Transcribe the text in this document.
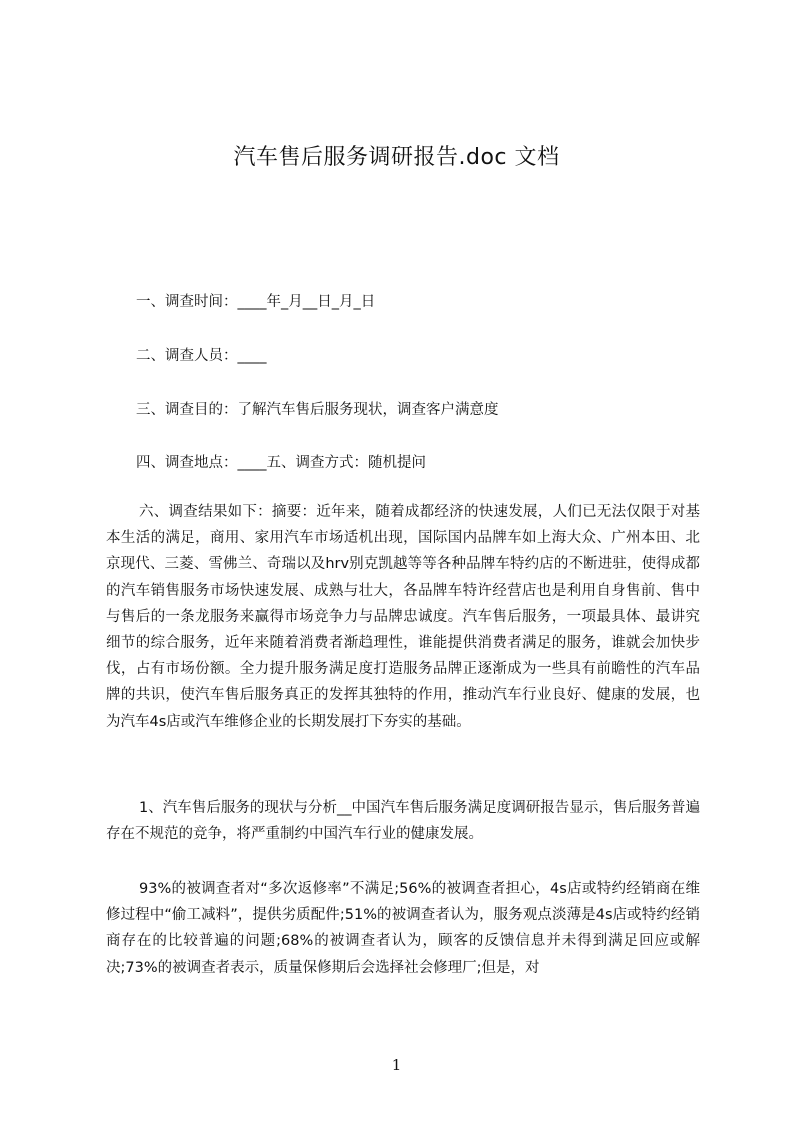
汽车售后服务调研报告.doc 文档
一、调查时间：____年_月__日_月_日
二、调查人员：____
三、调查目的：了解汽车售后服务现状，调查客户满意度
四、调查地点：____五、调查方式：随机提问
六、调查结果如下：摘要：近年来，随着成都经济的快速发展，人们已无法仅限于对基本生活的满足，商用、家用汽车市场适机出现，国际国内品牌车如上海大众、广州本田、北京现代、三菱、雪佛兰、奇瑞以及hrv别克凯越等等各种品牌车特约店的不断进驻，使得成都的汽车销售服务市场快速发展、成熟与壮大，各品牌车特许经营店也是利用自身售前、售中与售后的一条龙服务来赢得市场竞争力与品牌忠诚度。汽车售后服务，一项最具体、最讲究细节的综合服务，近年来随着消费者渐趋理性，谁能提供消费者满足的服务，谁就会加快步伐，占有市场份额。全力提升服务满足度打造服务品牌正逐渐成为一些具有前瞻性的汽车品牌的共识，使汽车售后服务真正的发挥其独特的作用，推动汽车行业良好、健康的发展，也为汽车4s店或汽车维修企业的长期发展打下夯实的基础。
1、汽车售后服务的现状与分析__中国汽车售后服务满足度调研报告显示，售后服务普遍存在不规范的竞争，将严重制约中国汽车行业的健康发展。
93%的被调查者对“多次返修率”不满足;56%的被调查者担心，4s店或特约经销商在维修过程中“偷工减料”，提供劣质配件;51%的被调查者认为，服务观点淡薄是4s店或特约经销商存在的比较普遍的问题;68%的被调查者认为，顾客的反馈信息并未得到满足回应或解决;73%的被调查者表示，质量保修期后会选择社会修理厂;但是，对
1
